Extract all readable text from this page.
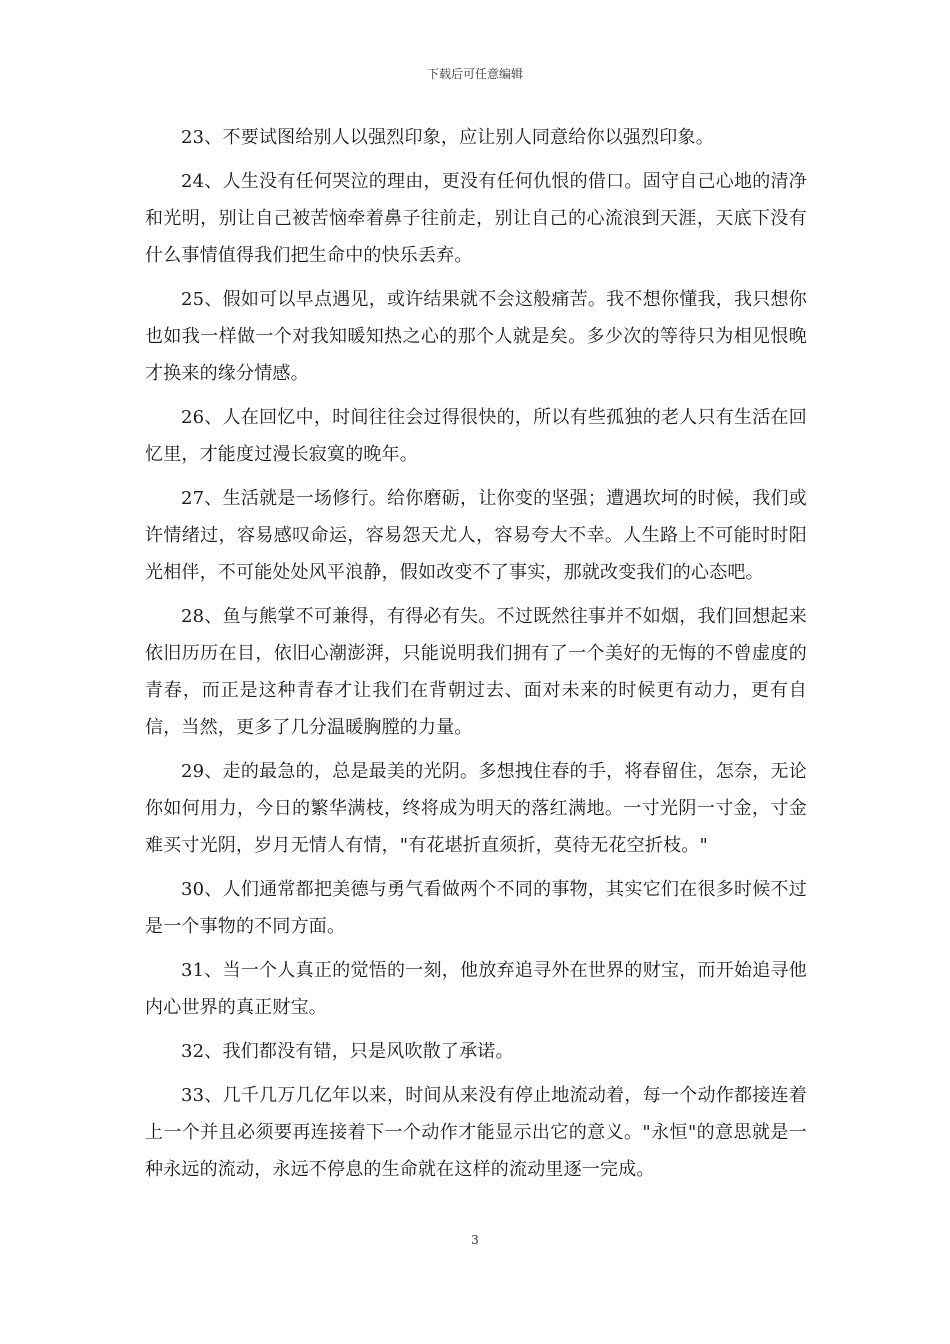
下载后可任意编辑

23、不要试图给别人以强烈印象，应让别人同意给你以强烈印象。

24、人生没有任何哭泣的理由，更没有任何仇恨的借口。固守自己心地的清净和光明，别让自己被苦恼牵着鼻子往前走，别让自己的心流浪到天涯，天底下没有什么事情值得我们把生命中的快乐丢弃。

25、假如可以早点遇见，或许结果就不会这般痛苦。我不想你懂我，我只想你也如我一样做一个对我知暖知热之心的那个人就是矣。多少次的等待只为相见恨晚才换来的缘分情感。

26、人在回忆中，时间往往会过得很快的，所以有些孤独的老人只有生活在回忆里，才能度过漫长寂寞的晚年。

27、生活就是一场修行。给你磨砺，让你变的坚强；遭遇坎坷的时候，我们或许情绪过，容易感叹命运，容易怨天尤人，容易夸大不幸。人生路上不可能时时阳光相伴，不可能处处风平浪静，假如改变不了事实，那就改变我们的心态吧。

28、鱼与熊掌不可兼得，有得必有失。不过既然往事并不如烟，我们回想起来依旧历历在目，依旧心潮澎湃，只能说明我们拥有了一个美好的无悔的不曾虚度的青春，而正是这种青春才让我们在背朝过去、面对未来的时候更有动力，更有自信，当然，更多了几分温暖胸膛的力量。

29、走的最急的，总是最美的光阴。多想拽住春的手，将春留住，怎奈，无论你如何用力，今日的繁华满枝，终将成为明天的落红满地。一寸光阴一寸金，寸金难买寸光阴，岁月无情人有情，"有花堪折直须折，莫待无花空折枝。"

30、人们通常都把美德与勇气看做两个不同的事物，其实它们在很多时候不过是一个事物的不同方面。

31、当一个人真正的觉悟的一刻，他放弃追寻外在世界的财宝，而开始追寻他内心世界的真正财宝。

32、我们都没有错，只是风吹散了承诺。

33、几千几万几亿年以来，时间从来没有停止地流动着，每一个动作都接连着上一个并且必须要再连接着下一个动作才能显示出它的意义。"永恒"的意思就是一种永远的流动，永远不停息的生命就在这样的流动里逐一完成。

3
